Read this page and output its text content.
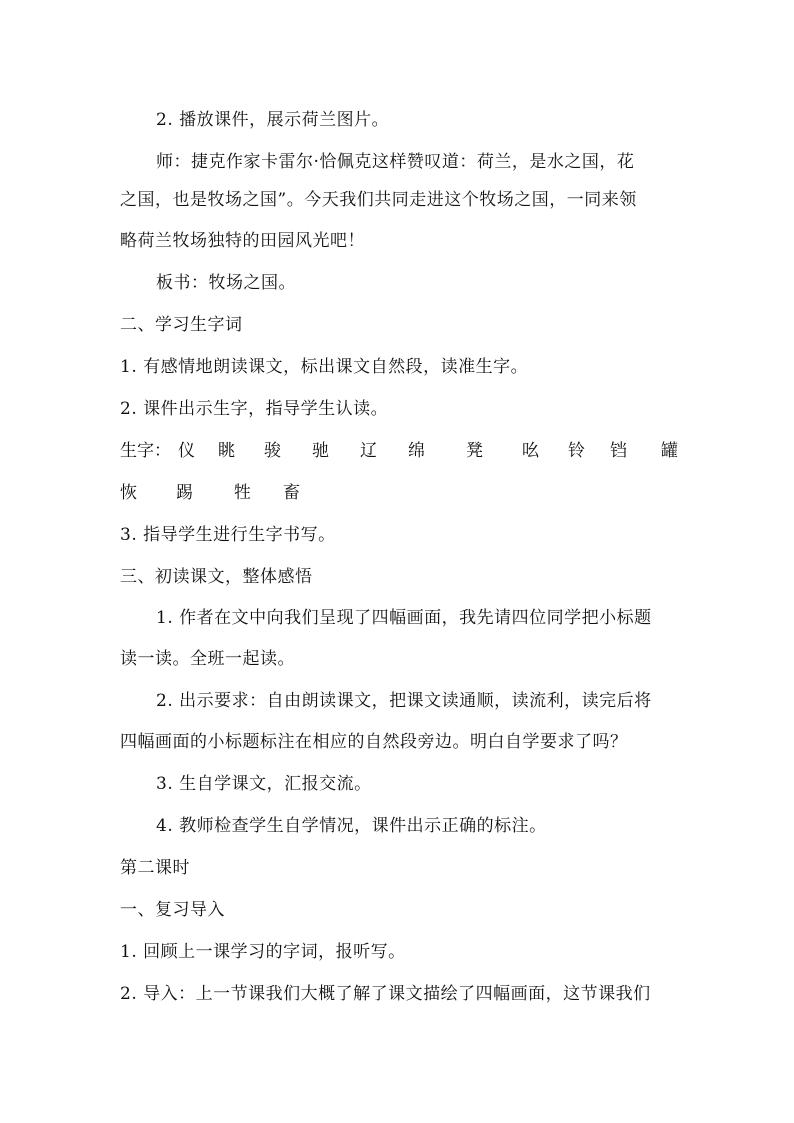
2. 播放课件，展示荷兰图片。
师：捷克作家卡雷尔·恰佩克这样赞叹道：荷兰，是水之国，花
之国，也是牧场之国”。今天我们共同走进这个牧场之国，一同来领
略荷兰牧场独特的田园风光吧！
板书：牧场之国。
二、学习生字词
1. 有感情地朗读课文，标出课文自然段，读准生字。
2. 课件出示生字，指导学生认读。
生字： 仪 眺 骏 驰 辽 绵 凳 吆 铃 铛 罐
恢 踢 牲 畜
3. 指导学生进行生字书写。
三、初读课文，整体感悟
1. 作者在文中向我们呈现了四幅画面，我先请四位同学把小标题
读一读。全班一起读。
2. 出示要求：自由朗读课文，把课文读通顺，读流利，读完后将
四幅画面的小标题标注在相应的自然段旁边。明白自学要求了吗？
3. 生自学课文，汇报交流。
4. 教师检查学生自学情况，课件出示正确的标注。
第二课时
一、复习导入
1. 回顾上一课学习的字词，报听写。
2. 导入：上一节课我们大概了解了课文描绘了四幅画面，这节课我们
